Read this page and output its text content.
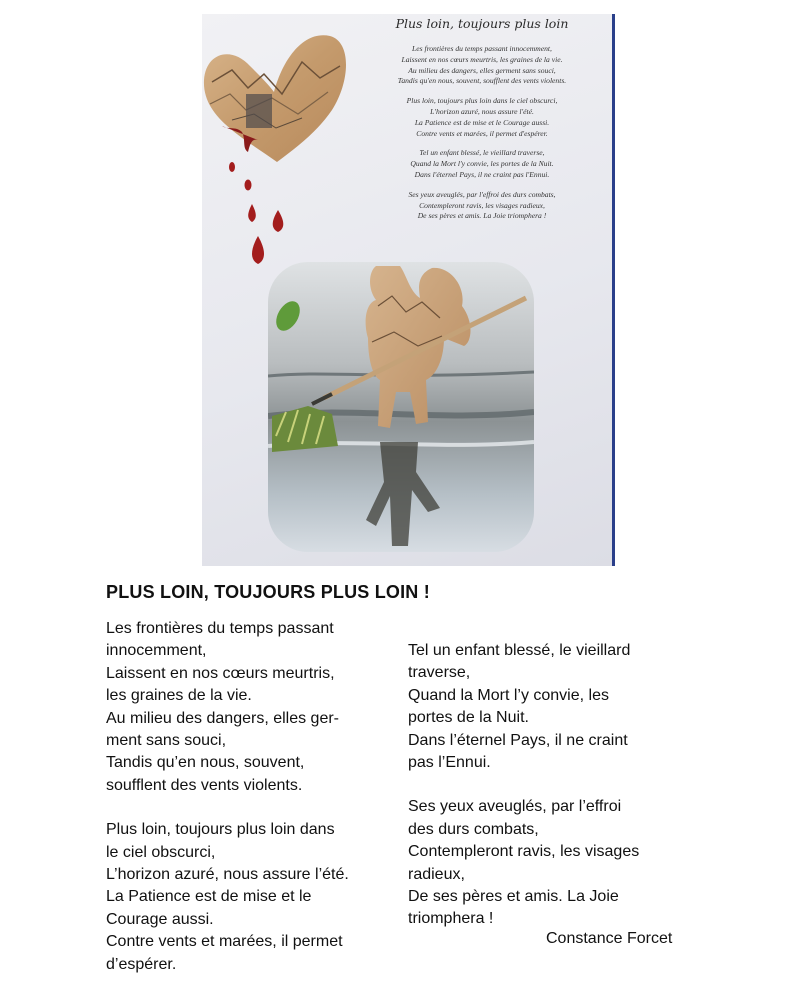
Plus loin, toujours plus loin
Les frontières du temps passant innocemment,
Laissent en nos cœurs meurtris, les graines de la vie.
Au milieu des dangers, elles germent sans souci,
Tandis qu'en nous, souvent, soufflent des vents violents.
Plus loin, toujours plus loin dans le ciel obscurci,
L'horizon azuré, nous assure l'été.
La Patience est de mise et le Courage aussi.
Contre vents et marées, il permet d'espérer.
Tel un enfant blessé, le vieillard traverse,
Quand la Mort l'y convie, les portes de la Nuit.
Dans l'éternel Pays, il ne craint pas l'Ennui.
Ses yeux aveuglés, par l'effroi des durs combats,
Contempleront ravis, les visages radieux,
De ses pères et amis. La Joie triomphera !
PLUS LOIN, TOUJOURS PLUS LOIN !
Les frontières du temps passant
innocemment,
Laissent en nos cœurs meurtris,
les graines de la vie.
Au milieu des dangers, elles ger-
ment sans souci,
Tandis qu’en nous, souvent,
soufflent des vents violents.
Plus loin, toujours plus loin dans
le ciel obscurci,
L’horizon azuré, nous assure l’été.
La Patience est de mise et le
Courage aussi.
Contre vents et marées, il permet
d’espérer.
Tel un enfant blessé, le vieillard
traverse,
Quand la Mort l’y convie, les
portes de la Nuit.
Dans l’éternel Pays, il ne craint
pas l’Ennui.
Ses yeux aveuglés, par l’effroi
des durs combats,
Contempleront ravis, les visages
radieux,
De ses pères et amis. La Joie
triomphera !
Constance Forcet
